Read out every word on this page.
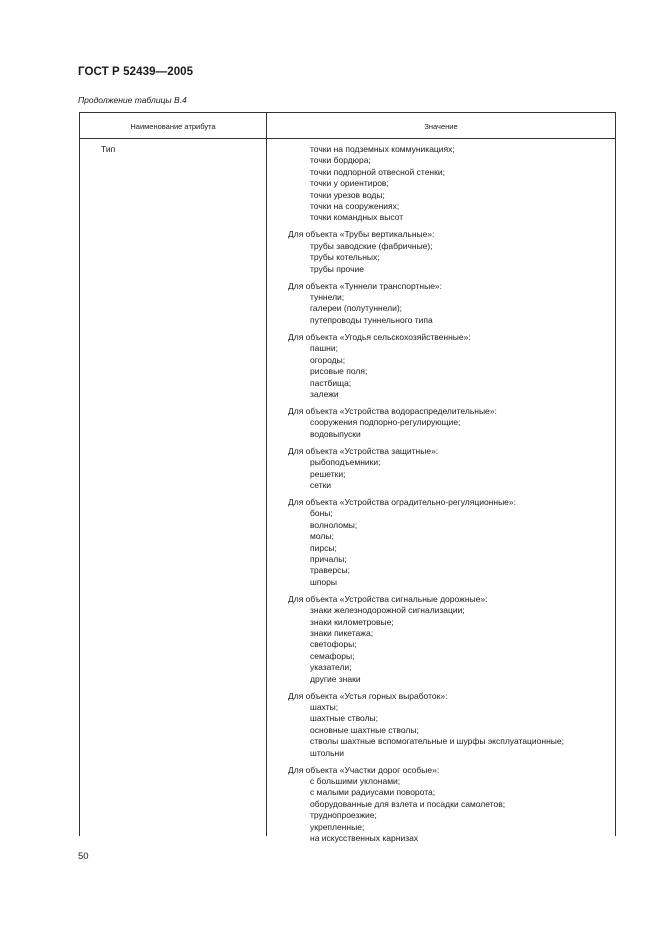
ГОСТ Р 52439—2005
Продолжение таблицы В.4
Наименование атрибута	Значение
Тип	точки на подземных коммуникациях;
точки бордюра;
точки подпорной отвесной стенки;
точки у ориентиров;
точки урезов воды;
точки на сооружениях;
точки командных высот
Для объекта «Трубы вертикальные»:
трубы заводские (фабричные);
трубы котельных;
трубы прочие
Для объекта «Туннели транспортные»:
туннели;
галереи (полутуннели);
путепроводы туннельного типа
Для объекта «Угодья сельскохозяйственные»:
пашни;
огороды;
рисовые поля;
пастбища;
залежи
Для объекта «Устройства водораспределительные»:
сооружения подпорно-регулирующие;
водовыпуски
Для объекта «Устройства защитные»:
рыбоподъемники;
решетки;
сетки
Для объекта «Устройства оградительно-регуляционные»:
боны;
волноломы;
молы;
пирсы;
причалы;
траверсы;
шпоры
Для объекта «Устройства сигнальные дорожные»:
знаки железнодорожной сигнализации;
знаки километровые;
знаки пикетажа;
светофоры;
семафоры;
указатели;
другие знаки
Для объекта «Устья горных выработок»:
шахты;
шахтные стволы;
основные шахтные стволы;
стволы шахтные вспомогательные и шурфы эксплуатационные;
штольни
Для объекта «Участки дорог особые»:
с большими уклонами;
с малыми радиусами поворота;
оборудованные для взлета и посадки самолетов;
труднопроезжие;
укрепленные;
на искусственных карнизах
50
